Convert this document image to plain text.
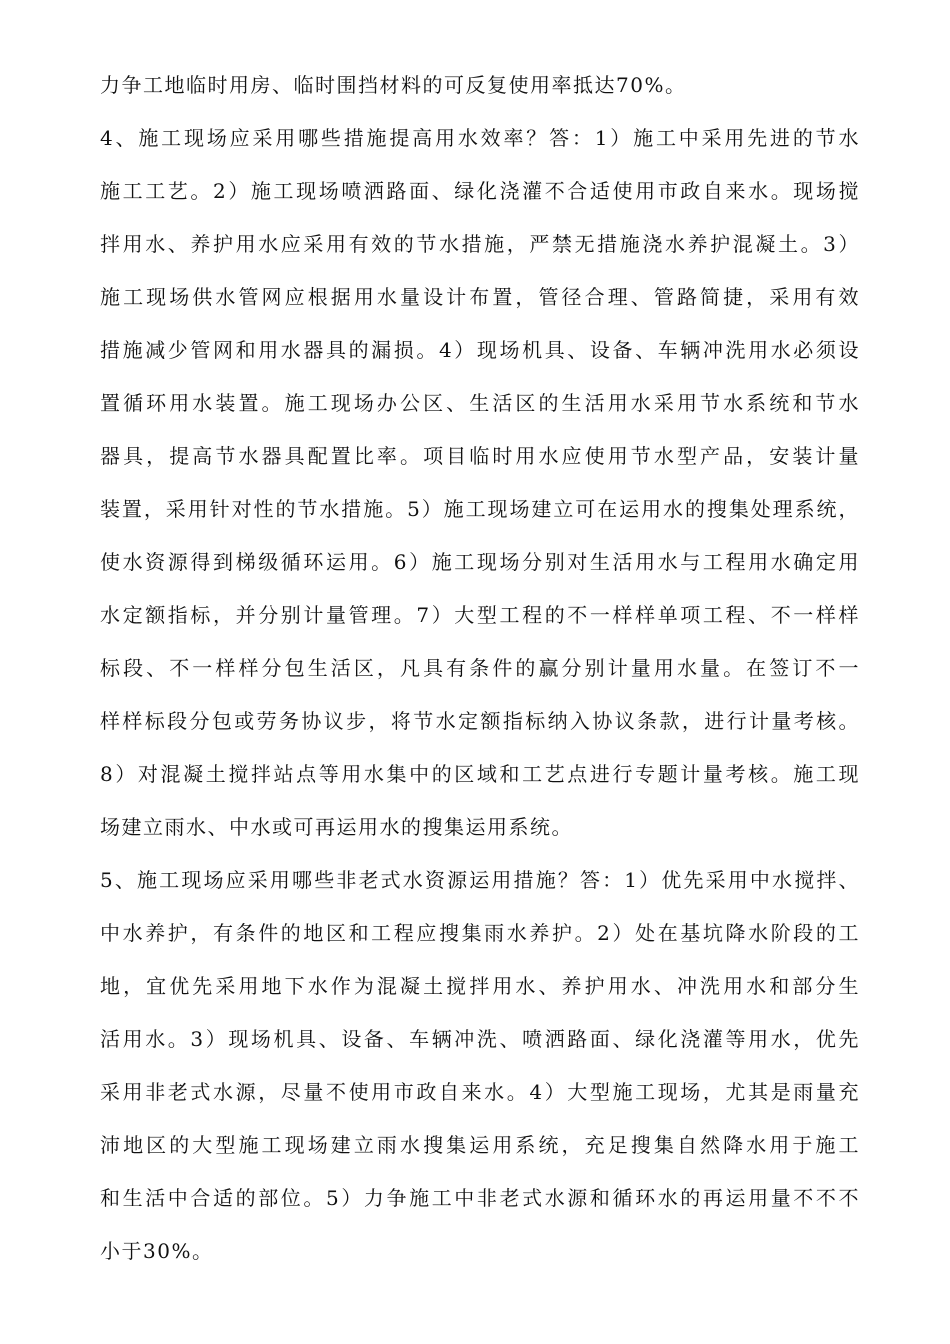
力争工地临时用房、临时围挡材料的可反复使用率抵达70%。
4、施工现场应采用哪些措施提高用水效率？答：1）施工中采用先进的节水
施工工艺。2）施工现场喷洒路面、绿化浇灌不合适使用市政自来水。现场搅
拌用水、养护用水应采用有效的节水措施，严禁无措施浇水养护混凝土。3）
施工现场供水管网应根据用水量设计布置，管径合理、管路简捷，采用有效
措施减少管网和用水器具的漏损。4）现场机具、设备、车辆冲洗用水必须设
置循环用水装置。施工现场办公区、生活区的生活用水采用节水系统和节水
器具，提高节水器具配置比率。项目临时用水应使用节水型产品，安装计量
装置，采用针对性的节水措施。5）施工现场建立可在运用水的搜集处理系统，
使水资源得到梯级循环运用。6）施工现场分别对生活用水与工程用水确定用
水定额指标，并分别计量管理。7）大型工程的不一样样单项工程、不一样样
标段、不一样样分包生活区，凡具有条件的赢分别计量用水量。在签订不一
样样标段分包或劳务协议步，将节水定额指标纳入协议条款，进行计量考核。
8）对混凝土搅拌站点等用水集中的区域和工艺点进行专题计量考核。施工现
场建立雨水、中水或可再运用水的搜集运用系统。
5、施工现场应采用哪些非老式水资源运用措施？答：1）优先采用中水搅拌、
中水养护，有条件的地区和工程应搜集雨水养护。2）处在基坑降水阶段的工
地，宜优先采用地下水作为混凝土搅拌用水、养护用水、冲洗用水和部分生
活用水。3）现场机具、设备、车辆冲洗、喷洒路面、绿化浇灌等用水，优先
采用非老式水源，尽量不使用市政自来水。4）大型施工现场，尤其是雨量充
沛地区的大型施工现场建立雨水搜集运用系统，充足搜集自然降水用于施工
和生活中合适的部位。5）力争施工中非老式水源和循环水的再运用量不不不
小于30%。
